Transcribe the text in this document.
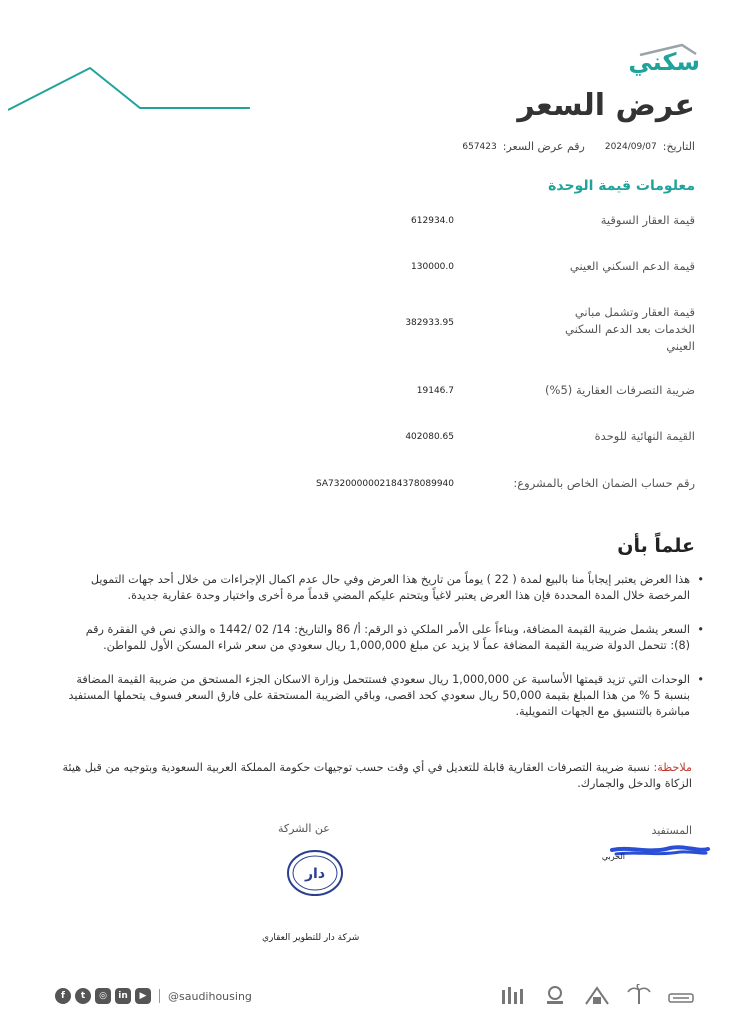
سكني
عرض السعر
التاريخ:
2024/09/07
رقم عرض السعر:
657423
معلومات قيمة الوحدة
قيمة العقار السوقية
612934.0
قيمة الدعم السكني العيني
130000.0
قيمة العقار وتشمل مباني الخدمات بعد الدعم السكني العيني
382933.95
ضريبة التصرفات العقارية (5%)
19146.7
القيمة النهائية للوحدة
402080.65
رقم حساب الضمان الخاص بالمشروع:
SA7320000002184378089940
علماً بأن
• هذا العرض يعتبر إيجاباً منا بالبيع لمدة ( 22 ) يوماً من تاريخ هذا العرض وفي حال عدم اكمال الإجراءات من خلال أحد جهات التمويل المرخصة خلال المدة المحددة فإن هذا العرض يعتبر لاغياً ويتحتم عليكم المضي قدماً مرة أخرى واختيار وحدة عقارية جديدة.
• السعر يشمل ضريبة القيمة المضافة، وبناءاً على الأمر الملكي ذو الرقم: أ/ 86 والتاريخ: 14/ 02 /1442 ه والذي نص في الفقرة رقم (8): تتحمل الدولة ضريبة القيمة المضافة عماً لا يزيد عن مبلغ 1,000,000 ريال سعودي من سعر شراء المسكن الأول للمواطن.
• الوحدات التي تزيد قيمتها الأساسية عن 1,000,000 ريال سعودي فستتحمل وزارة الاسكان الجزء المستحق من ضريبة القيمة المضافة بنسبة 5 % من هذا المبلغ بقيمة 50,000 ريال سعودي كحد اقصى، وباقي الضريبة المستحقة على فارق السعر فسوف يتحملها المستفيد مباشرة بالتنسيق مع الجهات التمويلية.
ملاحظة: نسبة ضريبة التصرفات العقارية قابلة للتعديل في أي وقت حسب توجيهات حكومة المملكة العربية السعودية وبتوجيه من قبل هيئة الزكاة والدخل والجمارك.
المستفيد
عن الشركة
الحربي
دار
شركة دار للتطوير العقاري
f	t	◎	in	▶	@saudihousing
